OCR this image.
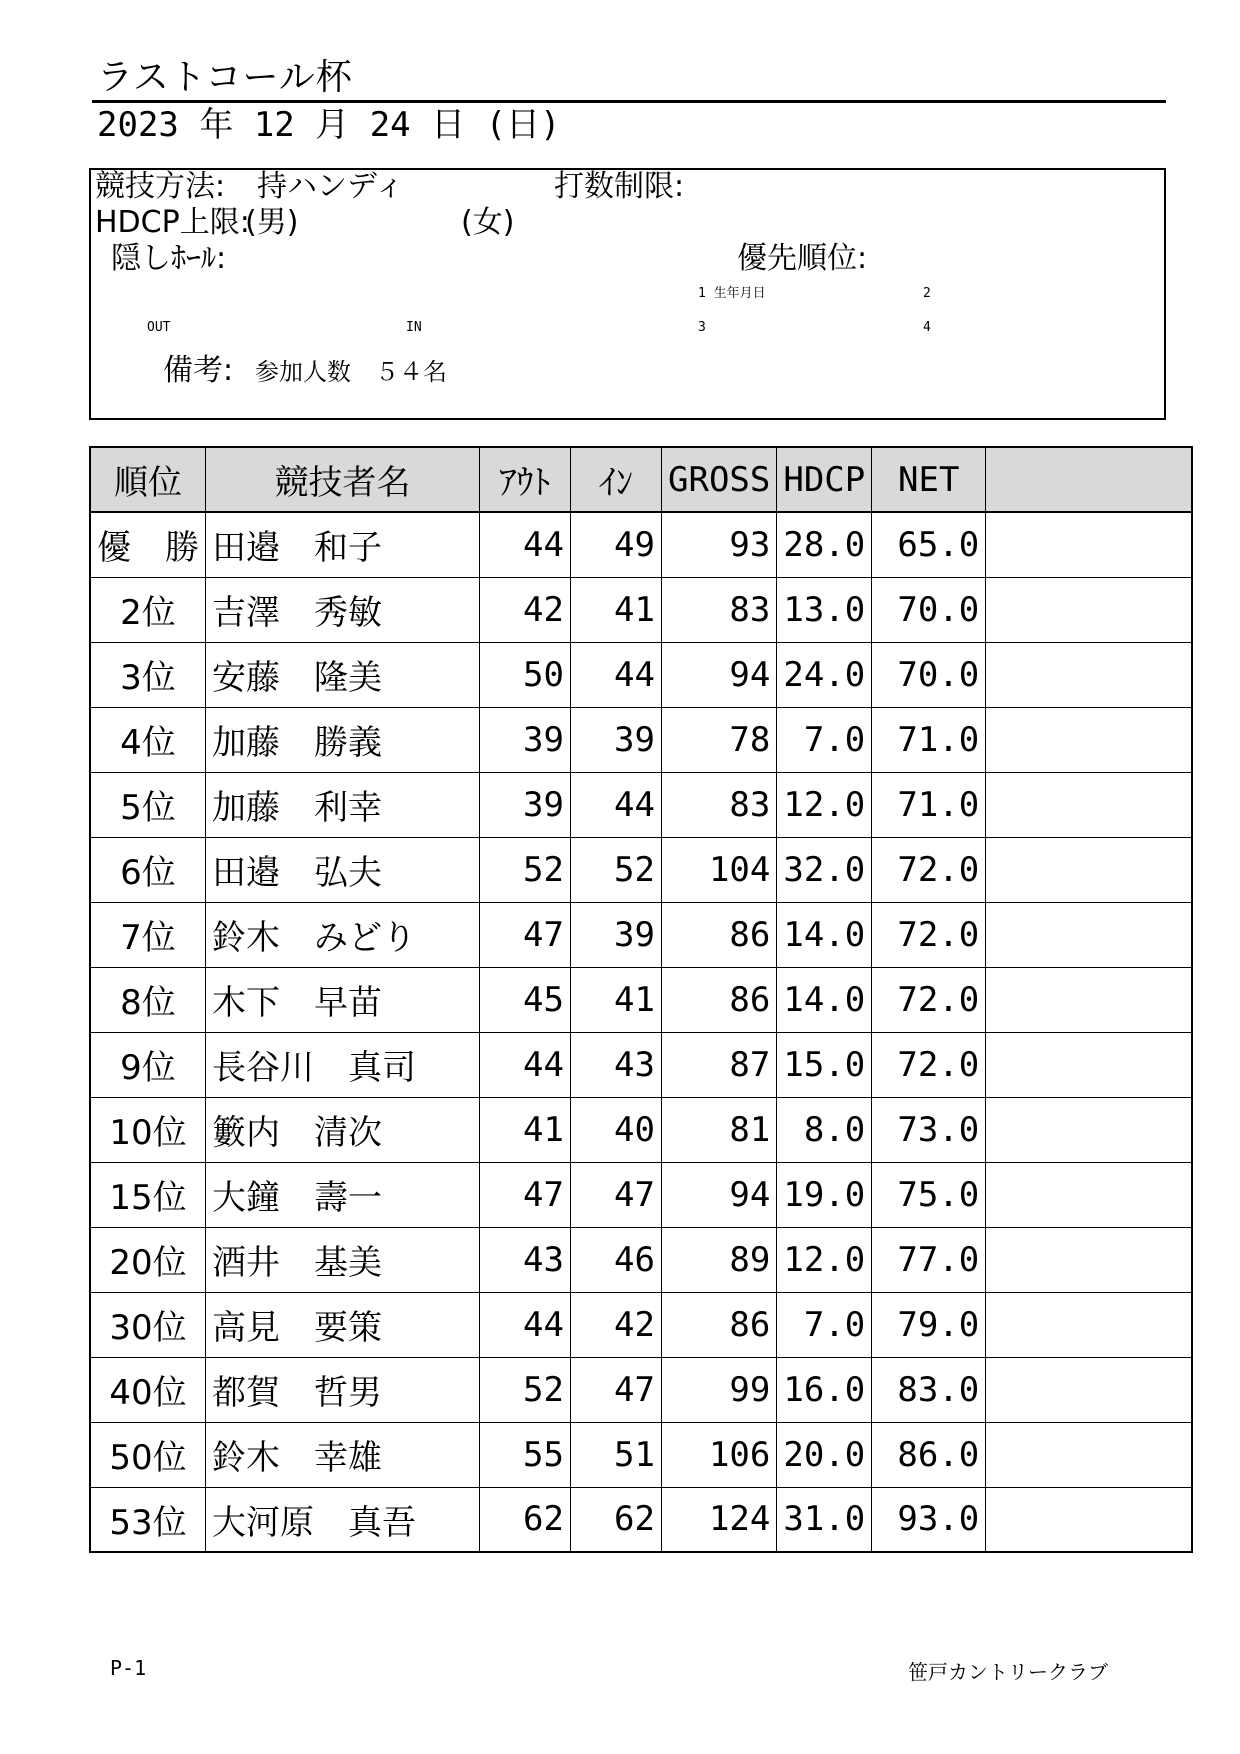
ラストコール杯
2023 年 12 月 24 日 (日)
競技方法: 持ハンディ	打数制限:
HDCP上限:
(男)	(女)
隠しﾎｰﾙ:	優先順位:
1 生年月日	2
OUT	IN	3	4
備考: 参加人数　５４名
順位	競技者名	ｱｳﾄ	ｲﾝ	GROSS	HDCP	NET	
優　勝	田邉　和子	44	49	93	28.0	65.0	
2位	吉澤　秀敏	42	41	83	13.0	70.0	
3位	安藤　隆美	50	44	94	24.0	70.0	
4位	加藤　勝義	39	39	78	7.0	71.0	
5位	加藤　利幸	39	44	83	12.0	71.0	
6位	田邉　弘夫	52	52	104	32.0	72.0	
7位	鈴木　みどり	47	39	86	14.0	72.0	
8位	木下　早苗	45	41	86	14.0	72.0	
9位	長谷川　真司	44	43	87	15.0	72.0	
10位	籔内　清次	41	40	81	8.0	73.0	
15位	大鐘　壽一	47	47	94	19.0	75.0	
20位	酒井　基美	43	46	89	12.0	77.0	
30位	高見　要策	44	42	86	7.0	79.0	
40位	都賀　哲男	52	47	99	16.0	83.0	
50位	鈴木　幸雄	55	51	106	20.0	86.0	
53位	大河原　真吾	62	62	124	31.0	93.0	
P-1	笹戸カントリークラブ
